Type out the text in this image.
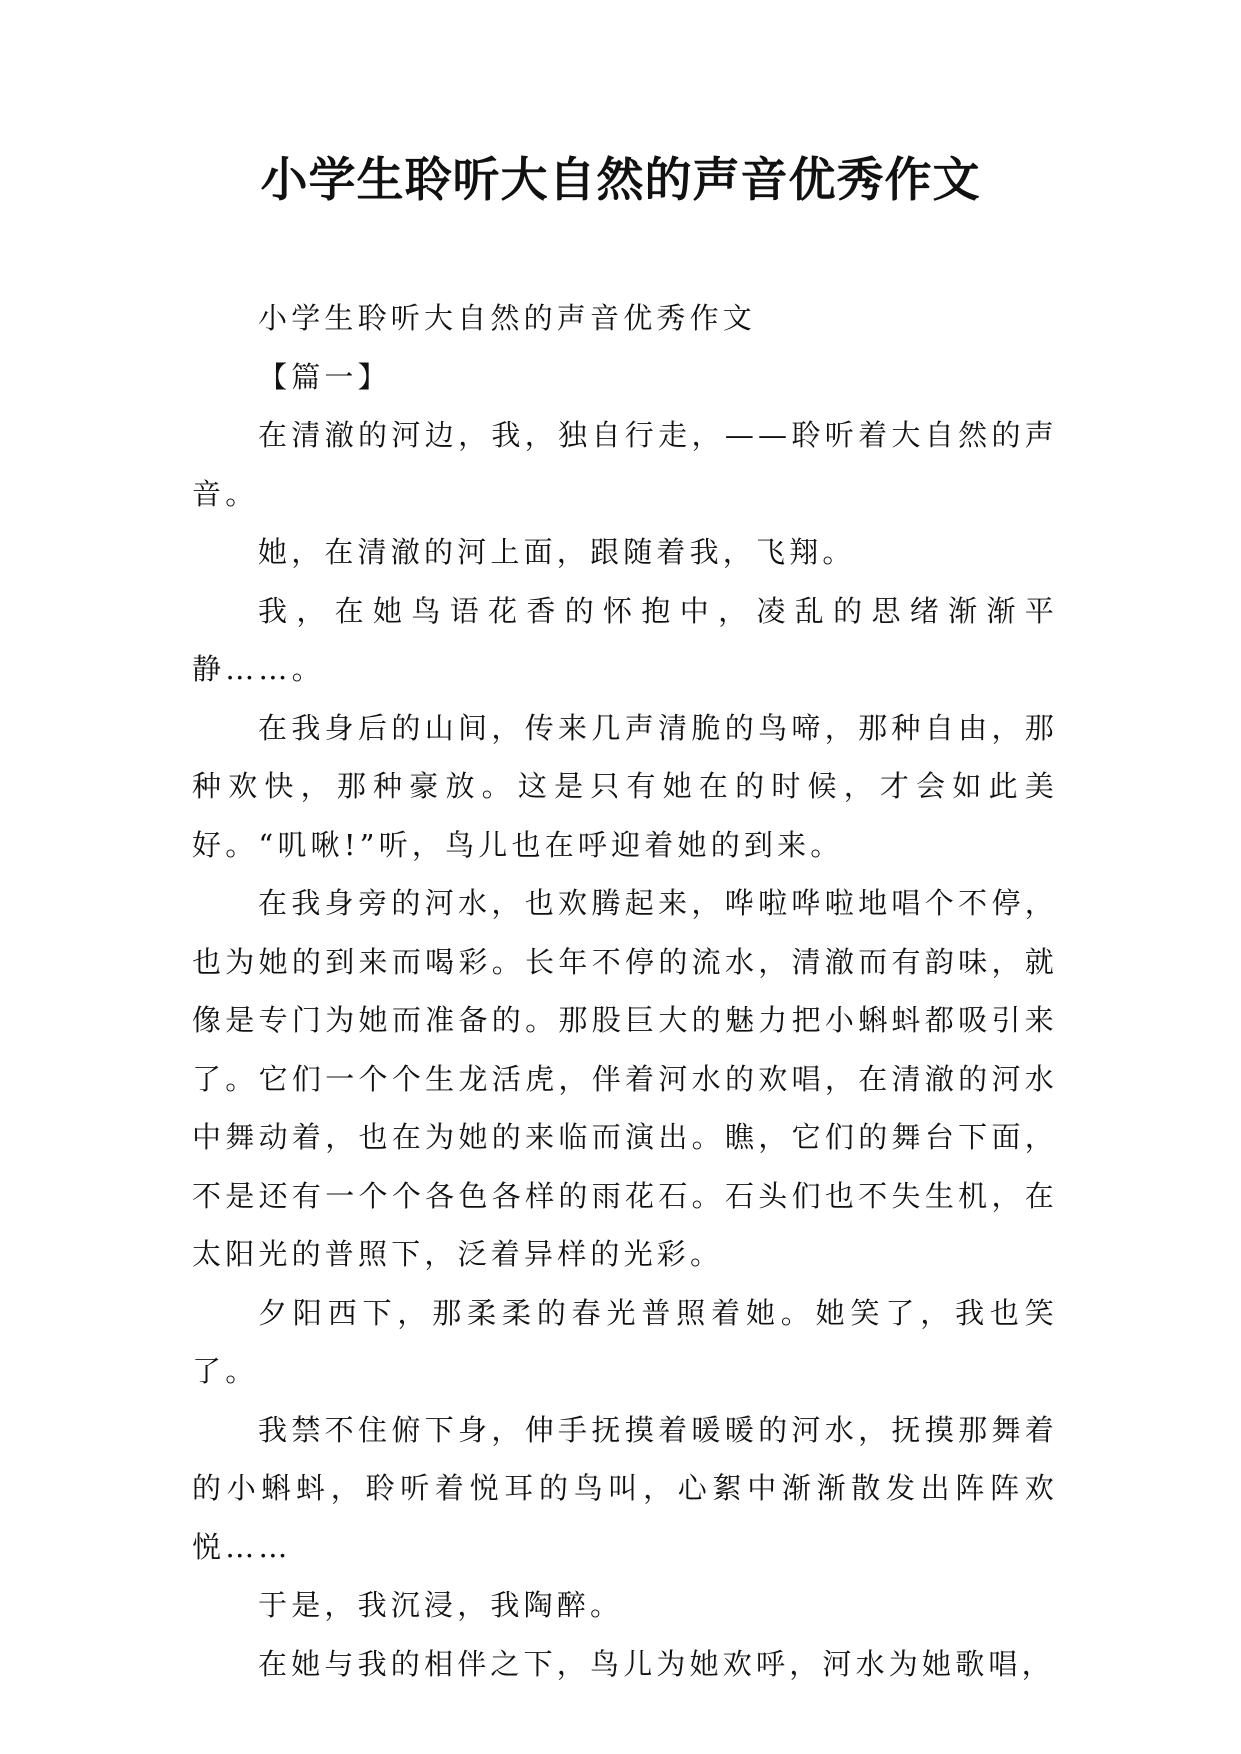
小学生聆听大自然的声音优秀作文

小学生聆听大自然的声音优秀作文

【篇一】

在清澈的河边，我，独自行走，——聆听着大自然的声音。

她，在清澈的河上面，跟随着我，飞翔。

我，在她鸟语花香的怀抱中，凌乱的思绪渐渐平静……。

在我身后的山间，传来几声清脆的鸟啼，那种自由，那种欢快，那种豪放。这是只有她在的时候，才会如此美好。“叽啾!”听，鸟儿也在呼迎着她的到来。

在我身旁的河水，也欢腾起来，哗啦哗啦地唱个不停，也为她的到来而喝彩。长年不停的流水，清澈而有韵味，就像是专门为她而准备的。那股巨大的魅力把小蝌蚪都吸引来了。它们一个个生龙活虎，伴着河水的欢唱，在清澈的河水中舞动着，也在为她的来临而演出。瞧，它们的舞台下面，不是还有一个个各色各样的雨花石。石头们也不失生机，在太阳光的普照下，泛着异样的光彩。

夕阳西下，那柔柔的春光普照着她。她笑了，我也笑了。

我禁不住俯下身，伸手抚摸着暖暖的河水，抚摸那舞着的小蝌蚪，聆听着悦耳的鸟叫，心絮中渐渐散发出阵阵欢悦……

于是，我沉浸，我陶醉。

在她与我的相伴之下，鸟儿为她欢呼，河水为她歌唱，
